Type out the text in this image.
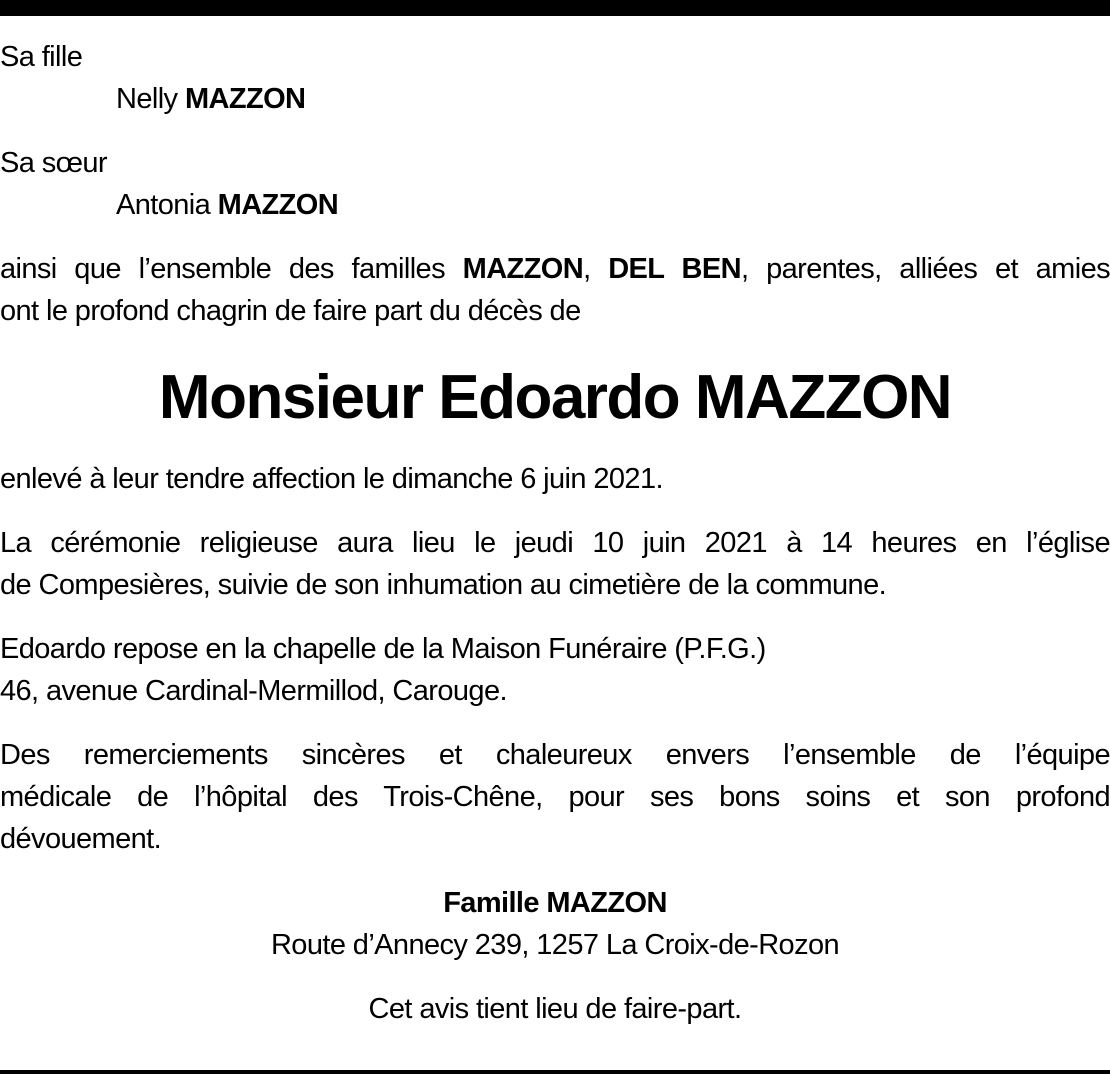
Sa fille
Nelly MAZZON
Sa sœur
Antonia MAZZON
ainsi que l’ensemble des familles MAZZON, DEL BEN, parentes, alliées et amies
ont le profond chagrin de faire part du décès de
Monsieur Edoardo MAZZON
enlevé à leur tendre affection le dimanche 6 juin 2021.
La cérémonie religieuse aura lieu le jeudi 10 juin 2021 à 14 heures en l’église
de Compesières, suivie de son inhumation au cimetière de la commune.
Edoardo repose en la chapelle de la Maison Funéraire (P.F.G.)
46, avenue Cardinal-Mermillod, Carouge.
Des remerciements sincères et chaleureux envers l’ensemble de l’équipe
médicale de l’hôpital des Trois-Chêne, pour ses bons soins et son profond
dévouement.
Famille MAZZON
Route d’Annecy 239, 1257 La Croix-de-Rozon
Cet avis tient lieu de faire-part.
